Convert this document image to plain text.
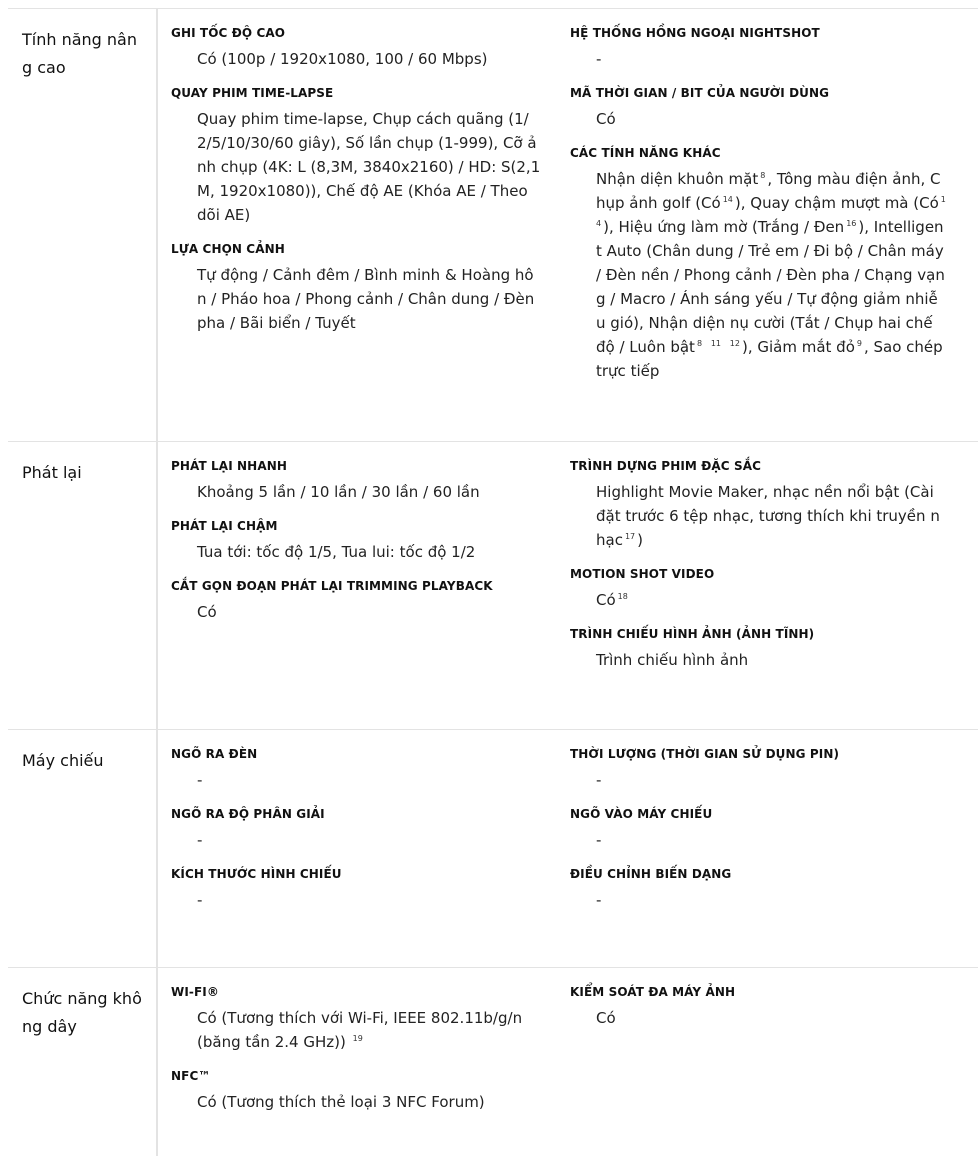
Tính năng nâng cao
GHI TỐC ĐỘ CAO
Có (100p / 1920x1080, 100 / 60 Mbps)
QUAY PHIM TIME-LAPSE
Quay phim time-lapse, Chụp cách quãng (1/2/5/10/30/60 giây), Số lần chụp (1-999), Cỡ ảnh chụp (4K: L (8,3M, 3840x2160) / HD: S(2,1M, 1920x1080)), Chế độ AE (Khóa AE / Theo dõi AE)
LỰA CHỌN CẢNH
Tự động / Cảnh đêm / Bình minh & Hoàng hôn / Pháo hoa / Phong cảnh / Chân dung / Đèn pha / Bãi biển / Tuyết
HỆ THỐNG HỒNG NGOẠI NIGHTSHOT
-
MÃ THỜI GIAN / BIT CỦA NGƯỜI DÙNG
Có
CÁC TÍNH NĂNG KHÁC
Nhận diện khuôn mặt $^8$ , Tông màu điện ảnh, Chụp ảnh golf (Có $^{14}$ ), Quay chậm mượt mà (Có $^{14}$ ), Hiệu ứng làm mờ (Trắng / Đen $^{16}$ ), Intelligent Auto (Chân dung / Trẻ em / Đi bộ / Chân máy / Đèn nền / Phong cảnh / Đèn pha / Chạng vạng / Macro / Ánh sáng yếu / Tự động giảm nhiễu gió), Nhận diện nụ cười (Tắt / Chụp hai chế độ / Luôn bật $^8$ $^{11}$ $^{12}$ ), Giảm mắt đỏ $^9$ , Sao chép trực tiếp
Phát lại	PHÁT LẠI NHANH
Khoảng 5 lần / 10 lần / 30 lần / 60 lần
PHÁT LẠI CHẬM
Tua tới: tốc độ 1/5, Tua lui: tốc độ 1/2
CẮT GỌN ĐOẠN PHÁT LẠI TRIMMING PLAYBACK
Có
TRÌNH DỰNG PHIM ĐẶC SẮC
Highlight Movie Maker, nhạc nền nổi bật (Cài đặt trước 6 tệp nhạc, tương thích khi truyền nhạc $^{17}$ )
MOTION SHOT VIDEO
Có $^{18}$
TRÌNH CHIẾU HÌNH ẢNH (ẢNH TĨNH)
Trình chiếu hình ảnh
Máy chiếu	NGÕ RA ĐÈN
-
NGÕ RA ĐỘ PHÂN GIẢI
-
KÍCH THƯỚC HÌNH CHIẾU
-
THỜI LƯỢNG (THỜI GIAN SỬ DỤNG PIN)
-
NGÕ VÀO MÁY CHIẾU
-
ĐIỀU CHỈNH BIẾN DẠNG
-
Chức năng không dây
WI-FI®
Có (Tương thích với Wi-Fi, IEEE 802.11b/g/n (băng tần 2.4 GHz)) $^{19}$
NFC™
Có (Tương thích thẻ loại 3 NFC Forum)
KIỂM SOÁT ĐA MÁY ẢNH
Có
